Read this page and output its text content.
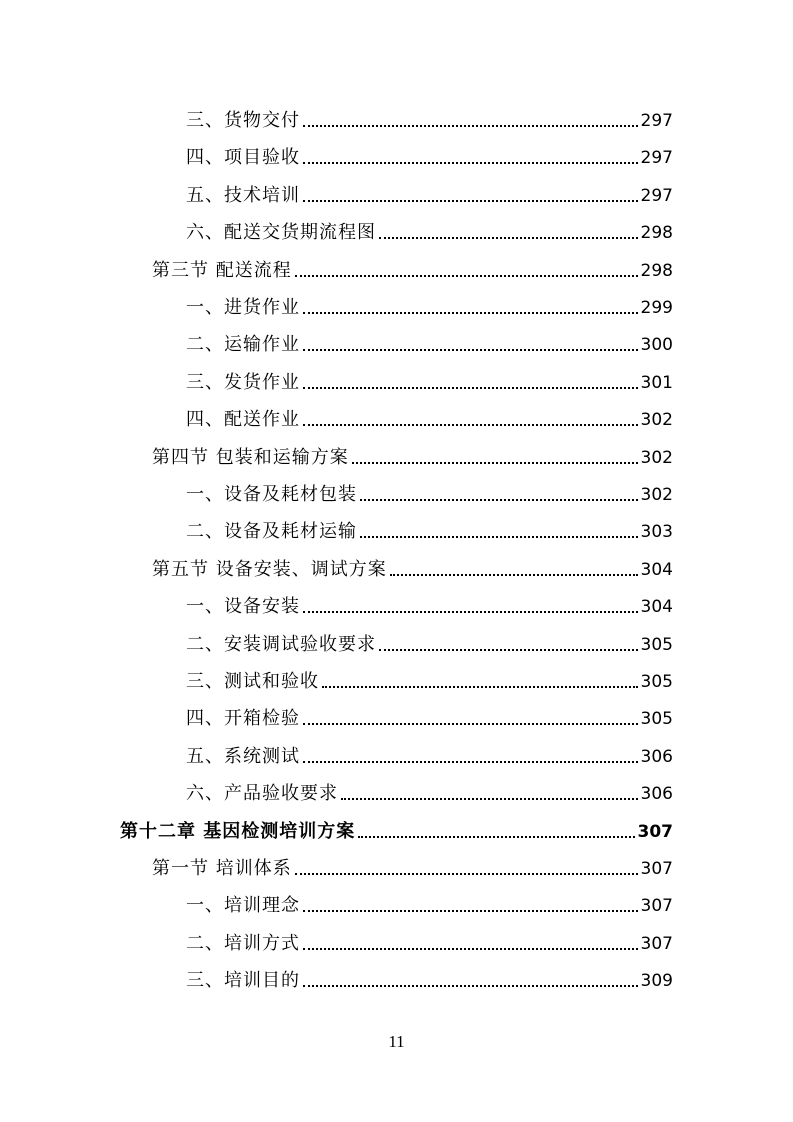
三、货物交付	297
四、项目验收	297
五、技术培训	297
六、配送交货期流程图	298
第三节 配送流程	298
一、进货作业	299
二、运输作业	300
三、发货作业	301
四、配送作业	302
第四节 包装和运输方案	302
一、设备及耗材包装	302
二、设备及耗材运输	303
第五节 设备安装、调试方案	304
一、设备安装	304
二、安装调试验收要求	305
三、测试和验收	305
四、开箱检验	305
五、系统测试	306
六、产品验收要求	306
第十二章 基因检测培训方案	307
第一节 培训体系	307
一、培训理念	307
二、培训方式	307
三、培训目的	309
11
